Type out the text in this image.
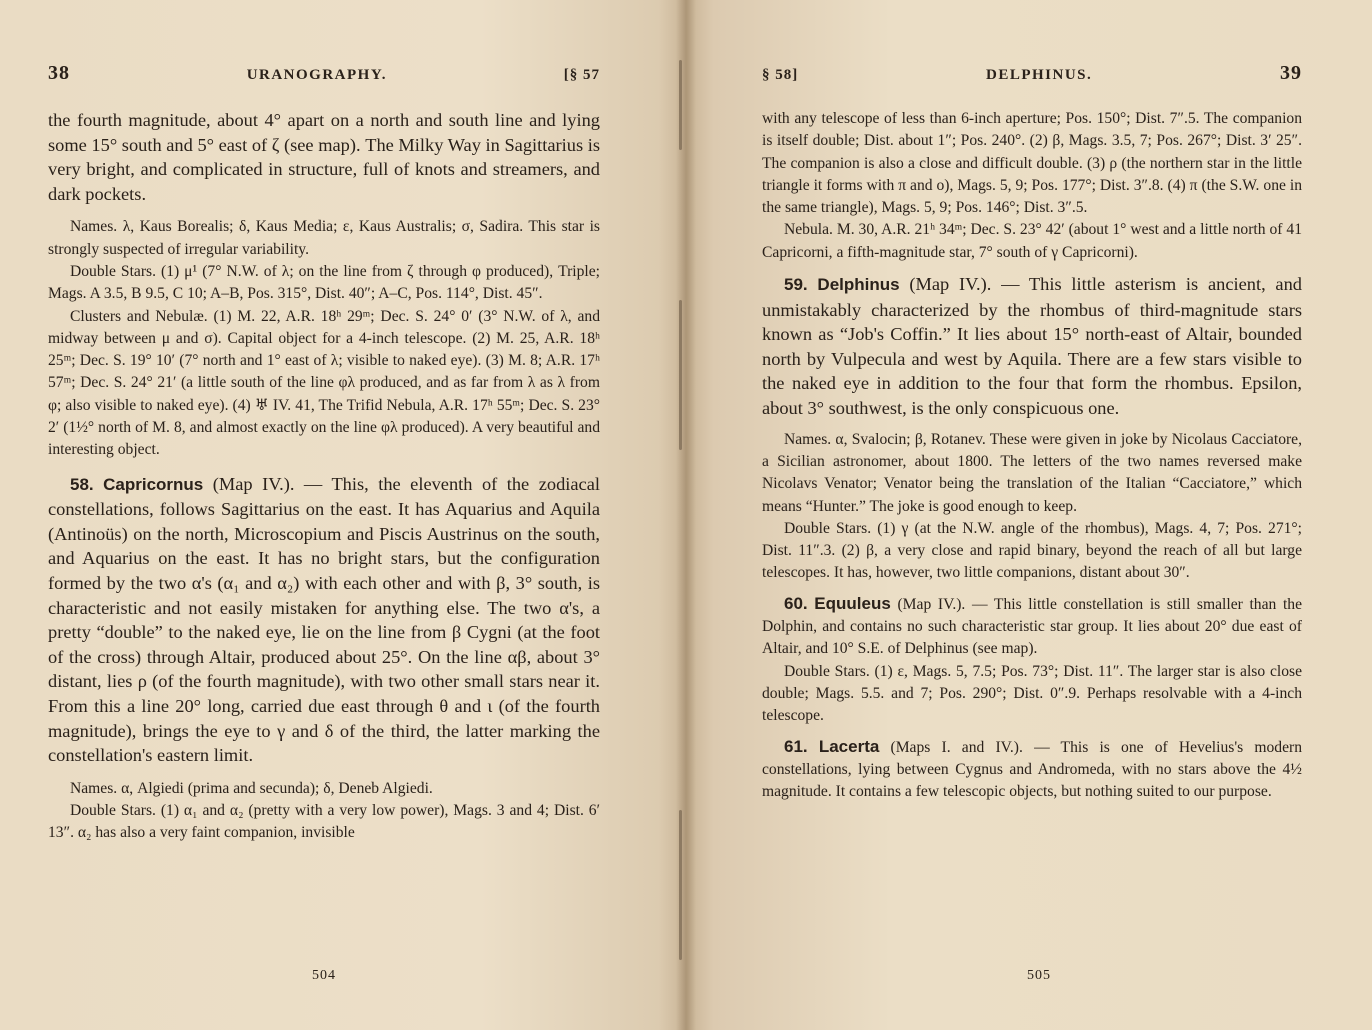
38	URANOGRAPHY.	[§ 57

the fourth magnitude, about 4° apart on a north and south line and lying some 15° south and 5° east of ζ (see map). The Milky Way in Sagittarius is very bright, and complicated in structure, full of knots and streamers, and dark pockets.

Names. λ, Kaus Borealis; δ, Kaus Media; ε, Kaus Australis; σ, Sadira. This star is strongly suspected of irregular variability.

Double Stars. (1) μ¹ (7° N.W. of λ; on the line from ζ through φ produced), Triple; Mags. A 3.5, B 9.5, C 10; A–B, Pos. 315°, Dist. 40″; A–C, Pos. 114°, Dist. 45″.

Clusters and Nebulæ. (1) M. 22, A.R. 18ʰ 29ᵐ; Dec. S. 24° 0′ (3° N.W. of λ, and midway between μ and σ). Capital object for a 4-inch telescope. (2) M. 25, A.R. 18ʰ 25ᵐ; Dec. S. 19° 10′ (7° north and 1° east of λ; visible to naked eye). (3) M. 8; A.R. 17ʰ 57ᵐ; Dec. S. 24° 21′ (a little south of the line φλ produced, and as far from λ as λ from φ; also visible to naked eye). (4) ♅ IV. 41, The Trifid Nebula, A.R. 17ʰ 55ᵐ; Dec. S. 23° 2′ (1½° north of M. 8, and almost exactly on the line φλ produced). A very beautiful and interesting object.

58. Capricornus (Map IV.). — This, the eleventh of the zodiacal constellations, follows Sagittarius on the east. It has Aquarius and Aquila (Antinoüs) on the north, Microscopium and Piscis Austrinus on the south, and Aquarius on the east. It has no bright stars, but the configuration formed by the two α's (α₁ and α₂) with each other and with β, 3° south, is characteristic and not easily mistaken for anything else. The two α's, a pretty “double” to the naked eye, lie on the line from β Cygni (at the foot of the cross) through Altair, produced about 25°. On the line αβ, about 3° distant, lies ρ (of the fourth magnitude), with two other small stars near it. From this a line 20° long, carried due east through θ and ι (of the fourth magnitude), brings the eye to γ and δ of the third, the latter marking the constellation's eastern limit.

Names. α, Algiedi (prima and secunda); δ, Deneb Algiedi.

Double Stars. (1) α₁ and α₂ (pretty with a very low power), Mags. 3 and 4; Dist. 6′ 13″. α₂ has also a very faint companion, invisible

504
§ 58]	DELPHINUS.	39

with any telescope of less than 6-inch aperture; Pos. 150°; Dist. 7″.5. The companion is itself double; Dist. about 1″; Pos. 240°. (2) β, Mags. 3.5, 7; Pos. 267°; Dist. 3′ 25″. The companion is also a close and difficult double. (3) ρ (the northern star in the little triangle it forms with π and o), Mags. 5, 9; Pos. 177°; Dist. 3″.8. (4) π (the S.W. one in the same triangle), Mags. 5, 9; Pos. 146°; Dist. 3″.5.

Nebula. M. 30, A.R. 21ʰ 34ᵐ; Dec. S. 23° 42′ (about 1° west and a little north of 41 Capricorni, a fifth-magnitude star, 7° south of γ Capricorni).

59. Delphinus (Map IV.). — This little asterism is ancient, and unmistakably characterized by the rhombus of third-magnitude stars known as “Job's Coffin.” It lies about 15° north-east of Altair, bounded north by Vulpecula and west by Aquila. There are a few stars visible to the naked eye in addition to the four that form the rhombus. Epsilon, about 3° southwest, is the only conspicuous one.

Names. α, Svalocin; β, Rotanev. These were given in joke by Nicolaus Cacciatore, a Sicilian astronomer, about 1800. The letters of the two names reversed make Nicolavs Venator; Venator being the translation of the Italian “Cacciatore,” which means “Hunter.” The joke is good enough to keep.

Double Stars. (1) γ (at the N.W. angle of the rhombus), Mags. 4, 7; Pos. 271°; Dist. 11″.3. (2) β, a very close and rapid binary, beyond the reach of all but large telescopes. It has, however, two little companions, distant about 30″.

60. Equuleus (Map IV.). — This little constellation is still smaller than the Dolphin, and contains no such characteristic star group. It lies about 20° due east of Altair, and 10° S.E. of Delphinus (see map).

Double Stars. (1) ε, Mags. 5, 7.5; Pos. 73°; Dist. 11″. The larger star is also close double; Mags. 5.5. and 7; Pos. 290°; Dist. 0″.9. Perhaps resolvable with a 4-inch telescope.

61. Lacerta (Maps I. and IV.). — This is one of Hevelius's modern constellations, lying between Cygnus and Andromeda, with no stars above the 4½ magnitude. It contains a few telescopic objects, but nothing suited to our purpose.

505
